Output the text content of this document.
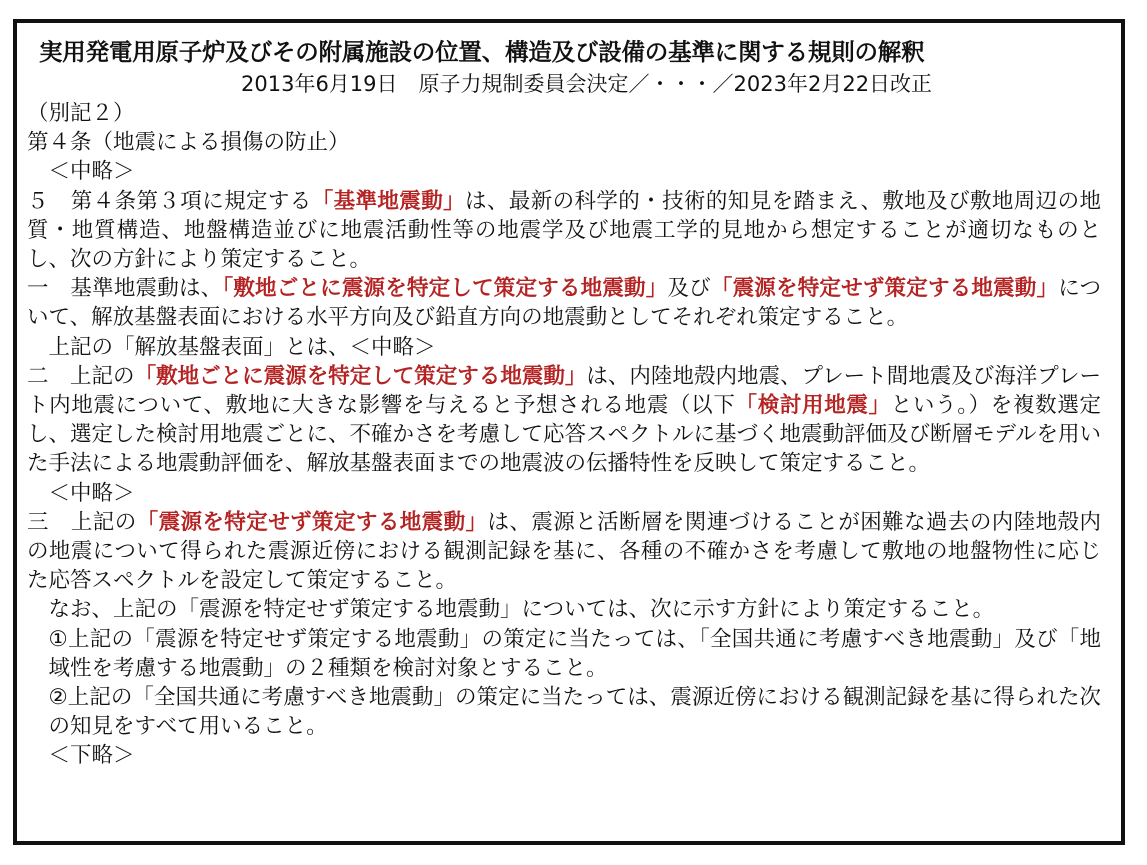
実用発電用原子炉及びその附属施設の位置、構造及び設備の基準に関する規則の解釈
2013年6月19日　原子力規制委員会決定／・・・／2023年2月22日改正

（別記２）

第４条（地震による損傷の防止）

＜中略＞

５　第４条第３項に規定する「基準地震動」は、最新の科学的・技術的知見を踏まえ、敷地及び敷地周辺の地質・地質構造、地盤構造並びに地震活動性等の地震学及び地震工学的見地から想定することが適切なものとし、次の方針により策定すること。

一　基準地震動は、「敷地ごとに震源を特定して策定する地震動」及び「震源を特定せず策定する地震動」について、解放基盤表面における水平方向及び鉛直方向の地震動としてそれぞれ策定すること。

上記の「解放基盤表面」とは、＜中略＞

二　上記の「敷地ごとに震源を特定して策定する地震動」は、内陸地殻内地震、プレート間地震及び海洋プレート内地震について、敷地に大きな影響を与えると予想される地震（以下「検討用地震」という。）を複数選定し、選定した検討用地震ごとに、不確かさを考慮して応答スペクトルに基づく地震動評価及び断層モデルを用いた手法による地震動評価を、解放基盤表面までの地震波の伝播特性を反映して策定すること。

＜中略＞

三　上記の「震源を特定せず策定する地震動」は、震源と活断層を関連づけることが困難な過去の内陸地殻内の地震について得られた震源近傍における観測記録を基に、各種の不確かさを考慮して敷地の地盤物性に応じた応答スペクトルを設定して策定すること。

なお、上記の「震源を特定せず策定する地震動」については、次に示す方針により策定すること。

①上記の「震源を特定せず策定する地震動」の策定に当たっては、「全国共通に考慮すべき地震動」及び「地域性を考慮する地震動」の２種類を検討対象とすること。

②上記の「全国共通に考慮すべき地震動」の策定に当たっては、震源近傍における観測記録を基に得られた次の知見をすべて用いること。

＜下略＞
